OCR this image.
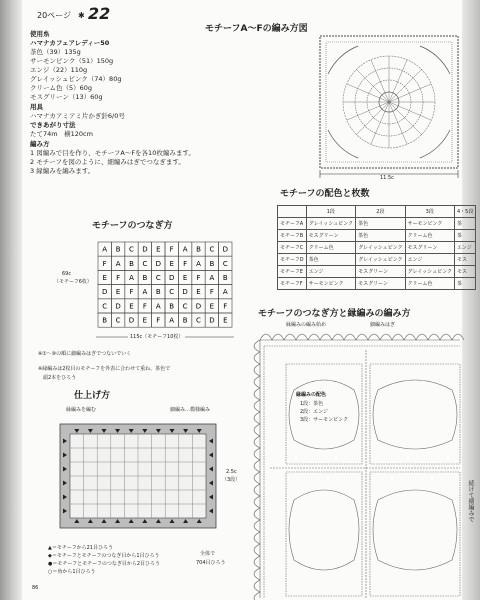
20ページ ✱ 22
使用糸
ハマナカフェアレディー50
茶色（39）135g
サーモンピンク（51）150g
エンジ（22）110g
グレイッシュピンク（74）80g
クリーム色（5）60g
モスグリーン（13）60g
用具
ハマナカアミアミ片かぎ針6/0号
できあがり寸法
たて74m　横120cm
編み方
1 図編みで目を作り、モチーフA～Fを各10枚編みます。
2 モチーフを図のように、細編みはぎでつなぎます。
3 縁編みを編みます。
モチーフA～Fの編み方図
11.5c
モチーフの配色と枚数
	1段	2段	3段	4・5段
モチーフA	グレイッシュピンク	茶色	サーモンピンク	茶
モチーフB	モスグリーン	茶色	クリーム色	茶
モチーフC	クリーム色	グレイッシュピンク	モスグリーン	エンジ
モチーフD	茶色	グレイッシュピンク	エンジ	モス
モチーフE	エンジ	モスグリーン	グレイッシュピンク	モス
モチーフF	サーモンピンク	モスグリーン	クリーム色	茶
モチーフのつなぎ方
A B C D E F A B C D
F A B C D E F A B C
E F A B C D E F A B
D E F A B C D E F A
C D E F A B C D E F
B C D E F A B C D E
69c
（モチーフ6枚）
115c（モチーフ10枚）
※①～⑩の順に細編みはぎでつないでいく
※縁編みは2枚目のモチーフを外表に合わせて重ね、茶色で
　頭2本をひろう
モチーフのつなぎ方と縁編みの編み方
縁編みの編み始め	細編みはぎ
縁編みの配色
1段：茶色
2段：エンジ
3段：サーモンピンク
続けて細編みで
仕上げ方
縁編みを編む	細編み…模様編み
2.5c
（3段）
▲＝モチーフから21目ひろう
◆＝モチーフとモチーフのつなぎ目から1目ひろう
●＝モチーフとモチーフのつなぎ目から2目ひろう
○＝角から1目ひろう
全体で
704目ひろう
86
